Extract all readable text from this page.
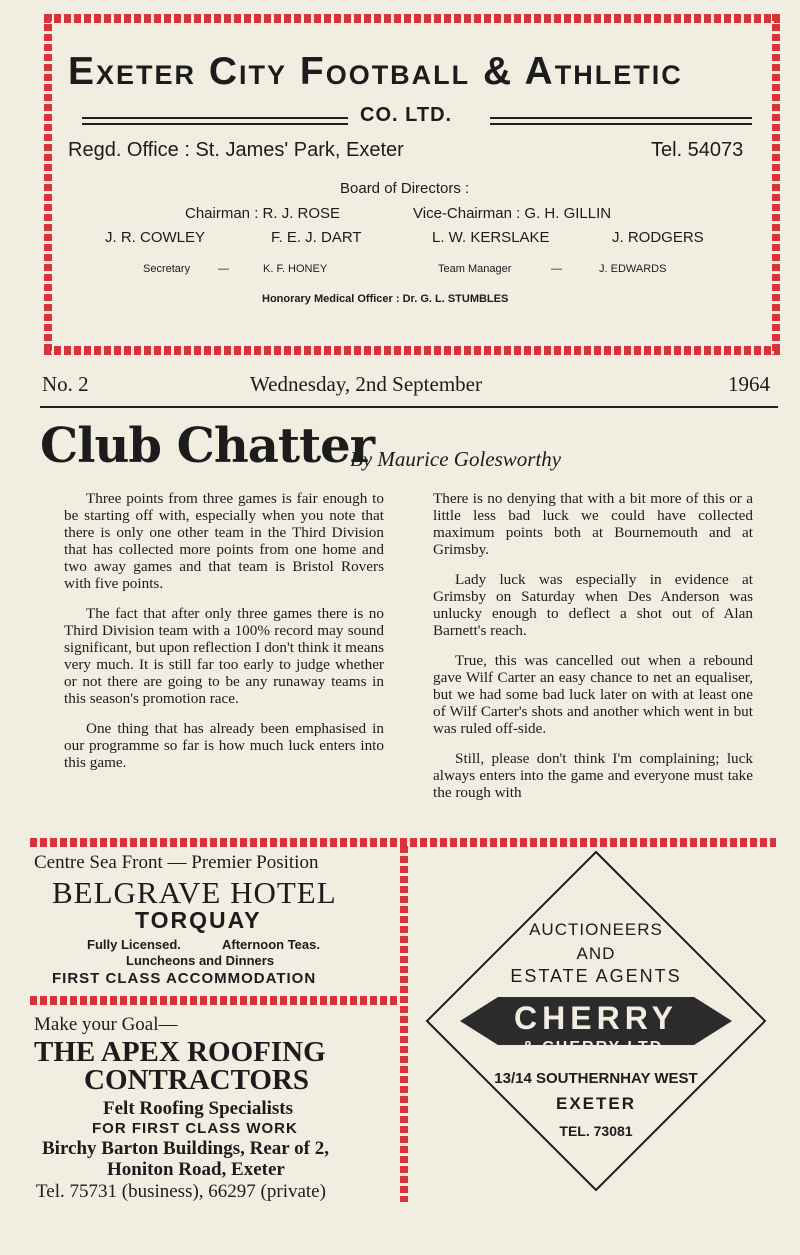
Exeter City Football & Athletic
CO. LTD.
Regd. Office : St. James' Park, Exeter	Tel. 54073
Board of Directors :
Chairman : R. J. ROSE	Vice-Chairman : G. H. GILLIN
J. R. COWLEY	F. E. J. DART	L. W. KERSLAKE	J. RODGERS
Secretary	—	K. F. HONEY	Team Manager	—	J. EDWARDS
Honorary Medical Officer : Dr. G. L. STUMBLES
No. 2	Wednesday, 2nd September	1964
Club Chatter
By Maurice Golesworthy

Three points from three games is fair enough to be starting off with, especially when you note that there is only one other team in the Third Division that has collected more points from one home and two away games and that team is Bristol Rovers with five points.

The fact that after only three games there is no Third Division team with a 100% record may sound significant, but upon reflection I don't think it means very much. It is still far too early to judge whether or not there are going to be any runaway teams in this season's promotion race.

One thing that has already been emphasised in our programme so far is how much luck enters into this game.

There is no denying that with a bit more of this or a little less bad luck we could have collected maximum points both at Bournemouth and at Grimsby.

Lady luck was especially in evidence at Grimsby on Saturday when Des Anderson was unlucky enough to deflect a shot out of Alan Barnett's reach.

True, this was cancelled out when a rebound gave Wilf Carter an easy chance to net an equaliser, but we had some bad luck later on with at least one of Wilf Carter's shots and another which went in but was ruled off-side.

Still, please don't think I'm complaining; luck always enters into the game and everyone must take the rough with

Centre Sea Front — Premier Position
BELGRAVE HOTEL
TORQUAY
Fully Licensed.	Afternoon Teas.
Luncheons and Dinners
FIRST CLASS ACCOMMODATION
Make your Goal—
THE APEX ROOFING
CONTRACTORS
Felt Roofing Specialists
FOR FIRST CLASS WORK
Birchy Barton Buildings, Rear of 2,
Honiton Road, Exeter
Tel. 75731 (business), 66297 (private)
AUCTIONEERS
AND
ESTATE AGENTS
CHERRY
& CHERRY LTD.
13/14 SOUTHERNHAY WEST
EXETER
TEL. 73081
